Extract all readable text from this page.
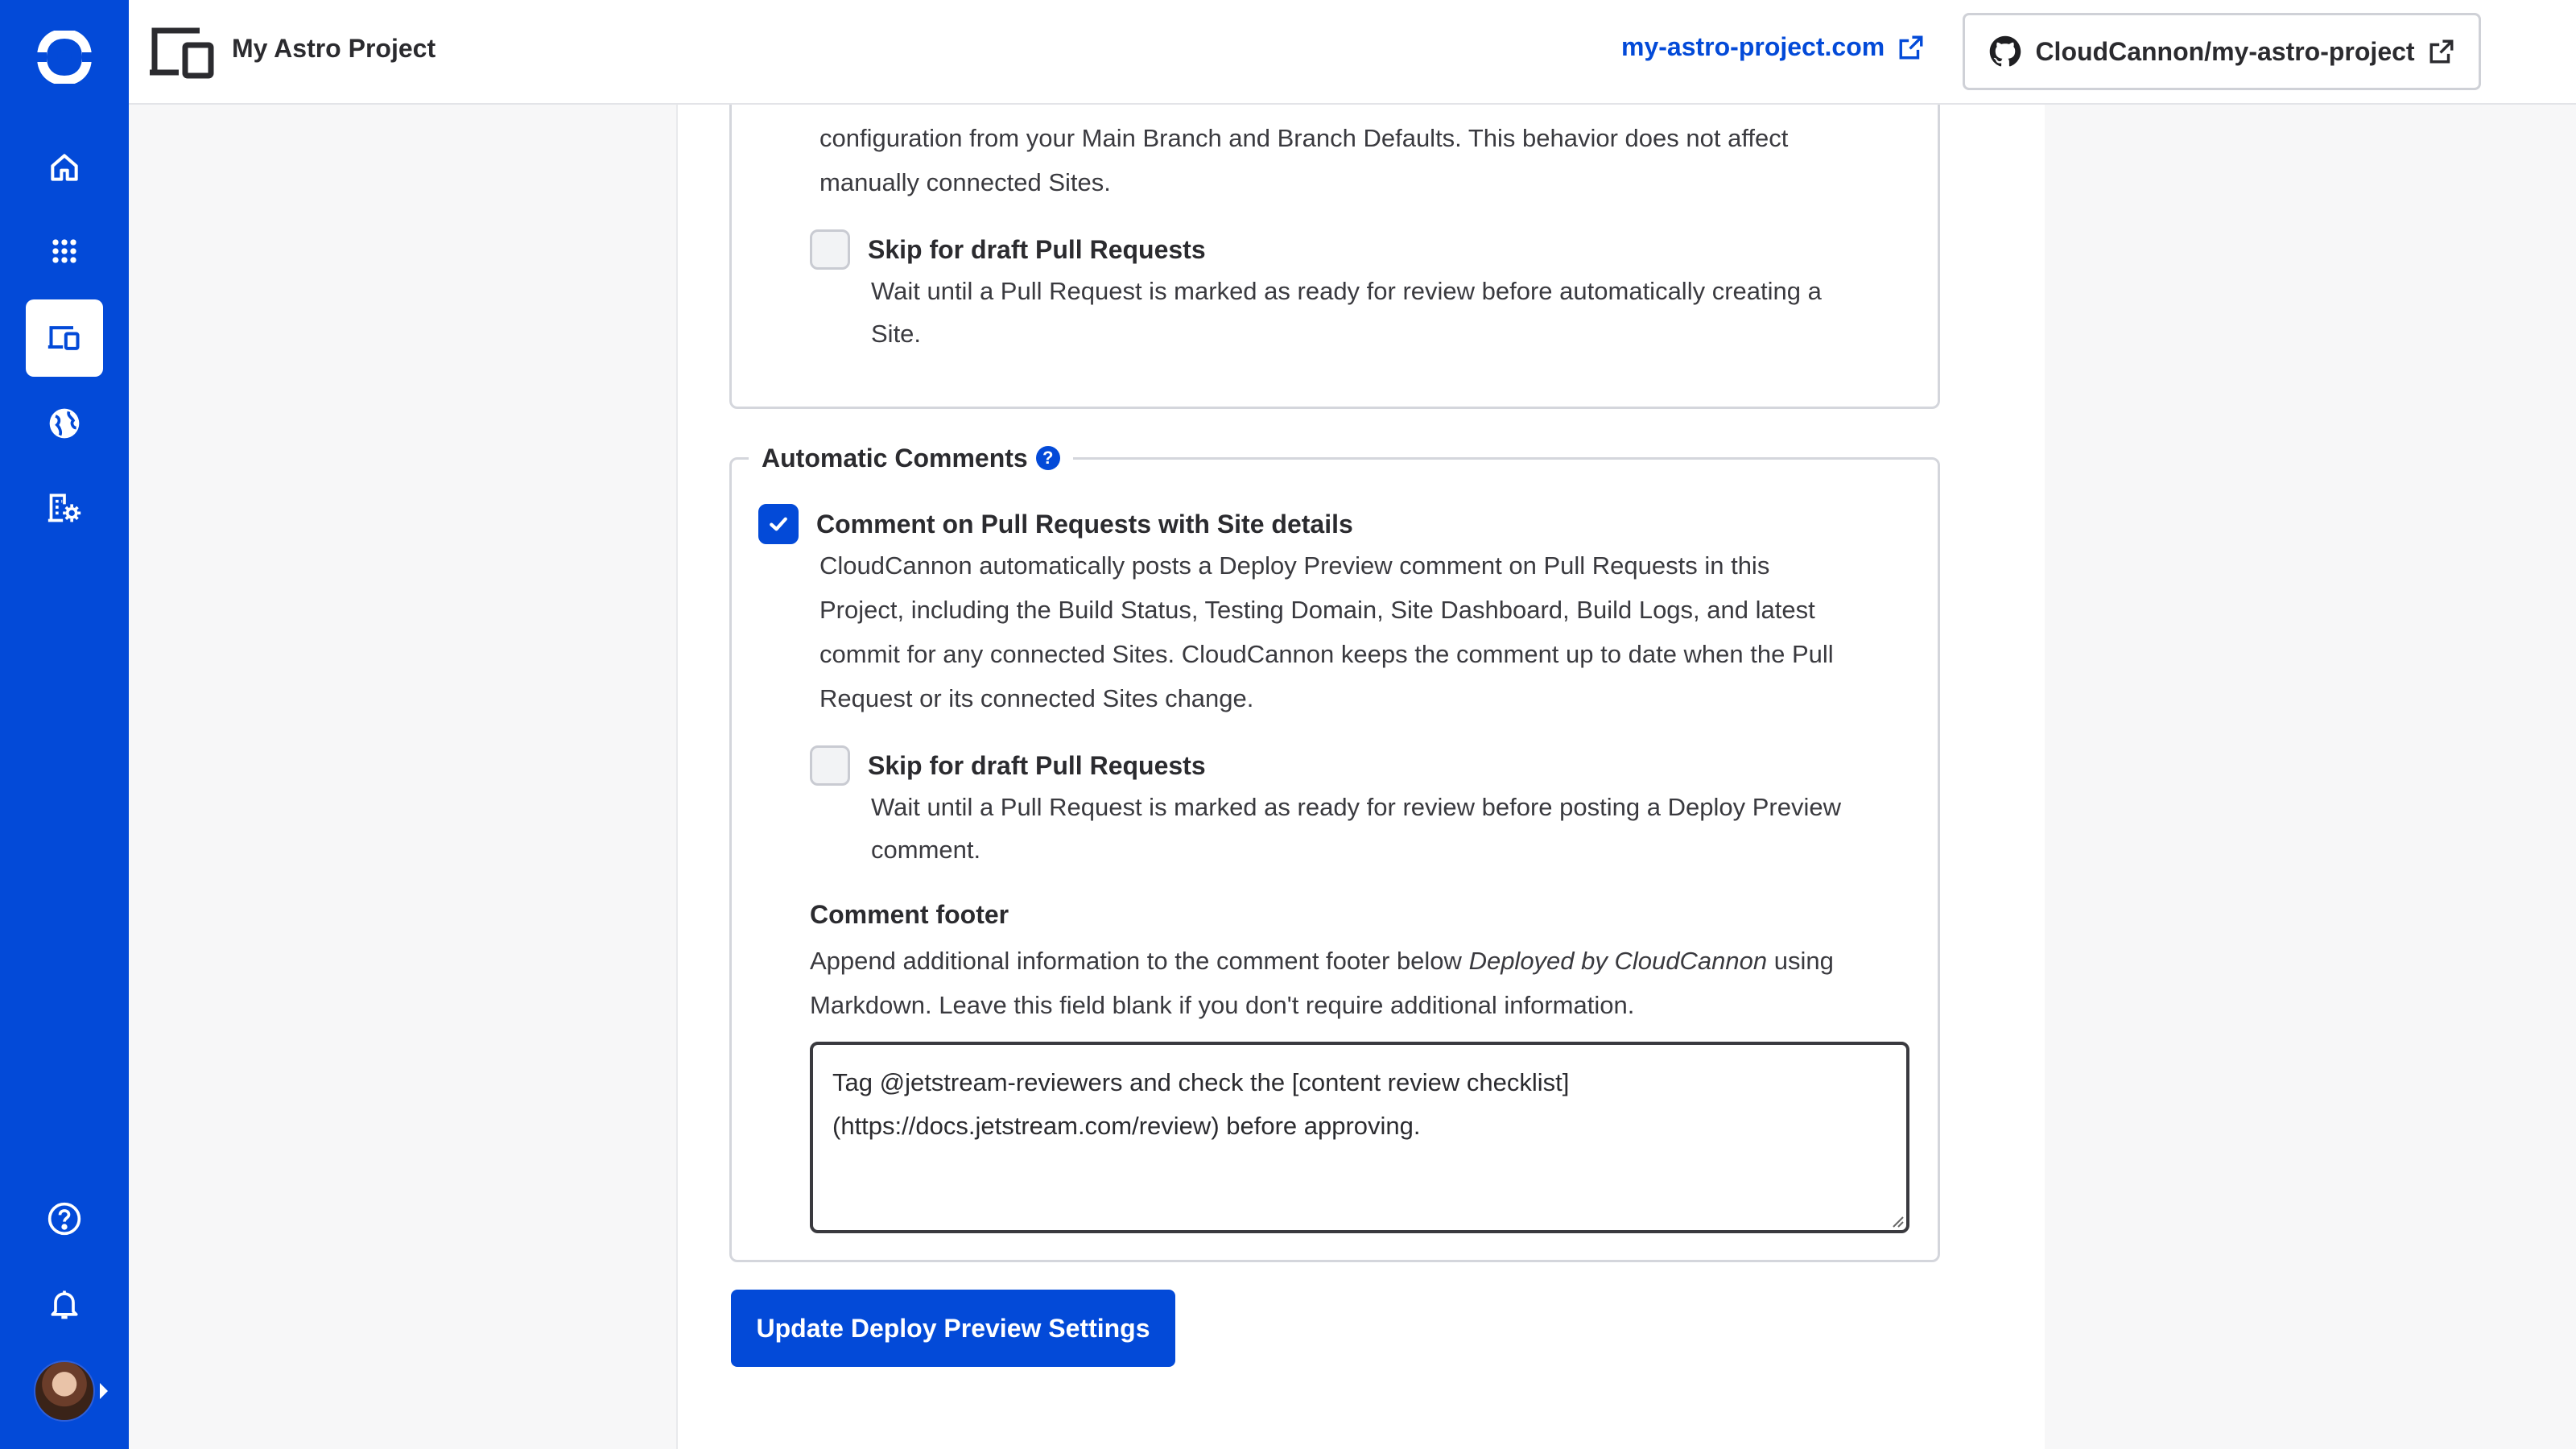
My Astro Project	my-astro-project.com	CloudCannon/my-astro-project
configuration from your Main Branch and Branch Defaults. This behavior does not affect
manually connected Sites.
Skip for draft Pull Requests
Wait until a Pull Request is marked as ready for review before automatically creating a
Site.
Automatic Comments ?
Comment on Pull Requests with Site details
CloudCannon automatically posts a Deploy Preview comment on Pull Requests in this
Project, including the Build Status, Testing Domain, Site Dashboard, Build Logs, and latest
commit for any connected Sites. CloudCannon keeps the comment up to date when the Pull
Request or its connected Sites change.
Skip for draft Pull Requests
Wait until a Pull Request is marked as ready for review before posting a Deploy Preview
comment.
Comment footer
Append additional information to the comment footer below Deployed by CloudCannon using
Markdown. Leave this field blank if you don't require additional information.
Tag @jetstream-reviewers and check the [content review checklist]
(https://docs.jetstream.com/review) before approving.
Update Deploy Preview Settings
